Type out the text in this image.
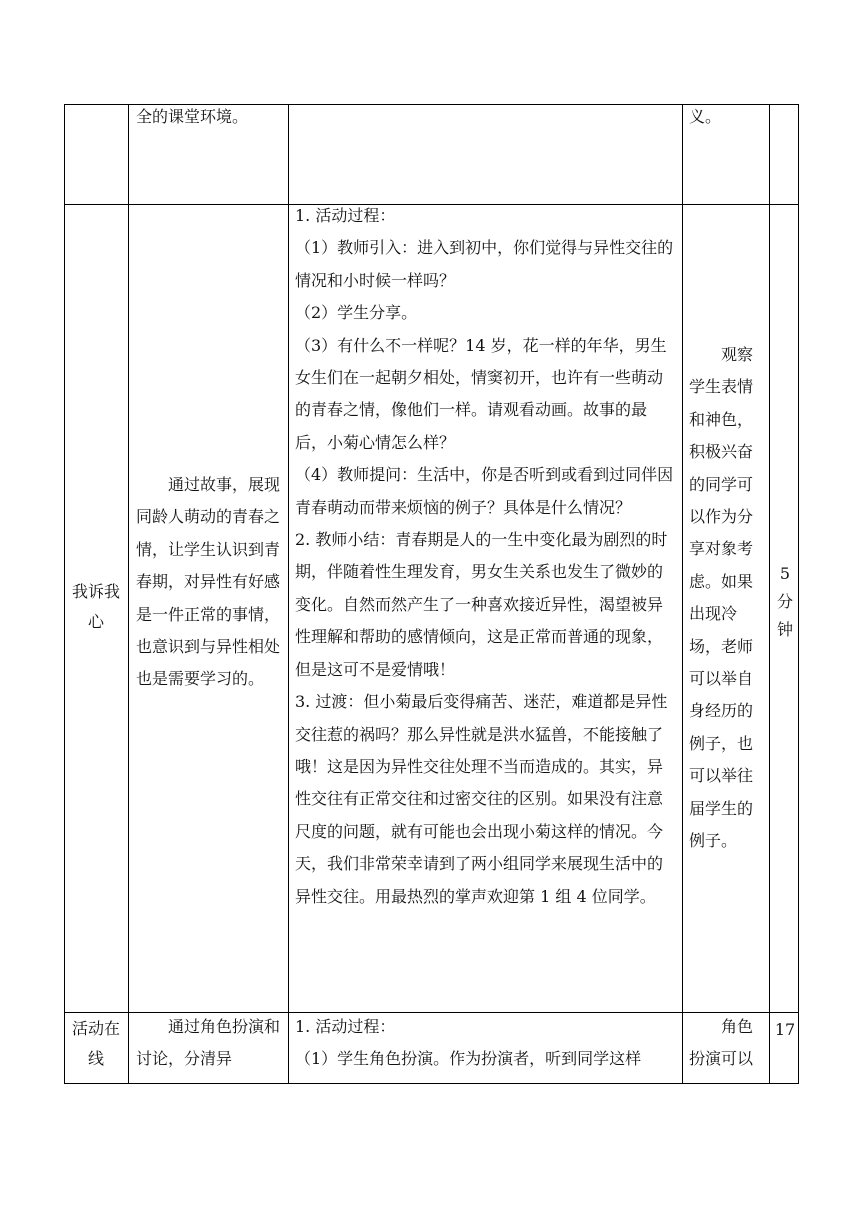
全的课堂环境。	义。
我诉我心
通过故事，展现同龄人萌动的青春之情，让学生认识到青春期，对异性有好感是一件正常的事情，也意识到与异性相处也是需要学习的。

1. 活动过程：

（1）教师引入：进入到初中，你们觉得与异性交往的情况和小时候一样吗？

（2）学生分享。

（3）有什么不一样呢？14 岁，花一样的年华，男生女生们在一起朝夕相处，情窦初开，也许有一些萌动的青春之情，像他们一样。请观看动画。故事的最后，小菊心情怎么样？

（4）教师提问：生活中，你是否听到或看到过同伴因青春萌动而带来烦恼的例子？具体是什么情况？

2. 教师小结：青春期是人的一生中变化最为剧烈的时期，伴随着性生理发育，男女生关系也发生了微妙的变化。自然而然产生了一种喜欢接近异性，渴望被异性理解和帮助的感情倾向，这是正常而普通的现象，但是这可不是爱情哦！

3. 过渡：但小菊最后变得痛苦、迷茫，难道都是异性交往惹的祸吗？那么异性就是洪水猛兽，不能接触了哦！这是因为异性交往处理不当而造成的。其实，异性交往有正常交往和过密交往的区别。如果没有注意尺度的问题，就有可能也会出现小菊这样的情况。今天，我们非常荣幸请到了两小组同学来展现生活中的异性交往。用最热烈的掌声欢迎第 1 组 4 位同学。

观察学生表情和神色，积极兴奋的同学可以作为分享对象考虑。如果出现冷场，老师可以举自身经历的例子，也可以举往届学生的例子。
5分钟
活动在线
通过角色扮演和讨论，分清异

1. 活动过程：

（1）学生角色扮演。作为扮演者，听到同学这样

角色扮演可以
17
